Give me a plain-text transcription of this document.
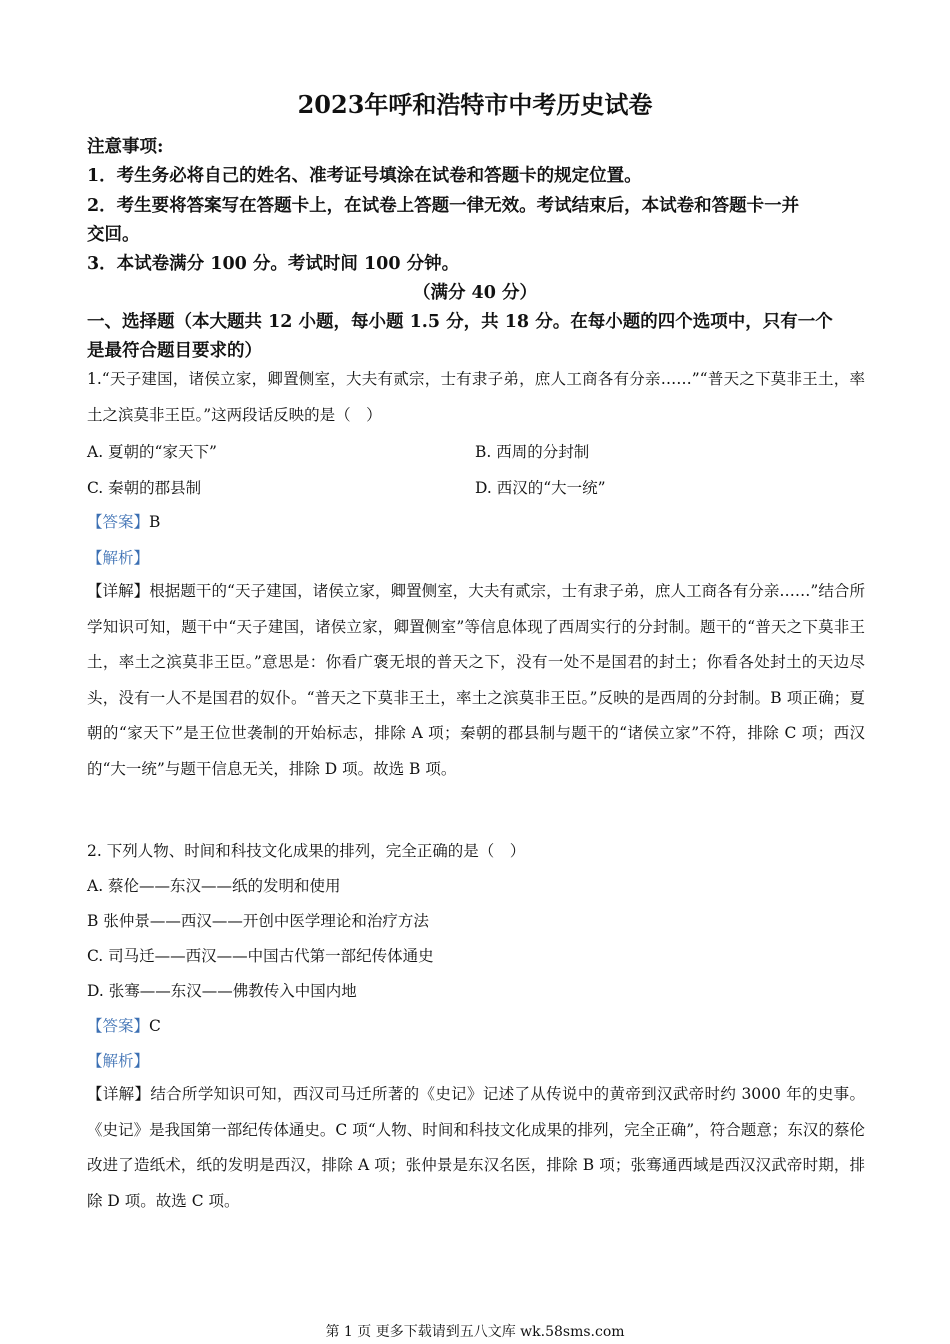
2023年呼和浩特市中考历史试卷
注意事项:
1．考生务必将自己的姓名、准考证号填涂在试卷和答题卡的规定位置。
2．考生要将答案写在答题卡上，在试卷上答题一律无效。考试结束后，本试卷和答题卡一并
交回。
3．本试卷满分 100 分。考试时间 100 分钟。
（满分 40 分）
一、选择题（本大题共 12 小题，每小题 1.5 分，共 18 分。在每小题的四个选项中，只有一个
是最符合题目要求的）
1.“天子建国，诸侯立家，卿置侧室，大夫有贰宗，士有隶子弟，庶人工商各有分亲……”“普天之下莫非王土，率土之滨莫非王臣。”这两段话反映的是（　）
A. 夏朝的“家天下”	B. 西周的分封制
C. 秦朝的郡县制	D. 西汉的“大一统”
【答案】B
【解析】
【详解】根据题干的“天子建国，诸侯立家，卿置侧室，大夫有贰宗，士有隶子弟，庶人工商各有分亲……”结合所学知识可知，题干中“天子建国，诸侯立家，卿置侧室”等信息体现了西周实行的分封制。题干的“普天之下莫非王土，率土之滨莫非王臣。”意思是：你看广褒无垠的普天之下，没有一处不是国君的封土；你看各处封土的天边尽头，没有一人不是国君的奴仆。“普天之下莫非王土，率土之滨莫非王臣。”反映的是西周的分封制。B 项正确；夏朝的“家天下”是王位世袭制的开始标志，排除 A 项；秦朝的郡县制与题干的“诸侯立家”不符，排除 C 项；西汉的“大一统”与题干信息无关，排除 D 项。故选 B 项。
2. 下列人物、时间和科技文化成果的排列，完全正确的是（　）
A. 蔡伦——东汉——纸的发明和使用
B 张仲景——西汉——开创中医学理论和治疗方法
C. 司马迁——西汉——中国古代第一部纪传体通史
D. 张骞——东汉——佛教传入中国内地
【答案】C
【解析】
【详解】结合所学知识可知，西汉司马迁所著的《史记》记述了从传说中的黄帝到汉武帝时约 3000 年的史事。《史记》是我国第一部纪传体通史。C 项“人物、时间和科技文化成果的排列，完全正确”，符合题意；东汉的蔡伦改进了造纸术，纸的发明是西汉，排除 A 项；张仲景是东汉名医，排除 B 项；张骞通西域是西汉汉武帝时期，排除 D 项。故选 C 项。
第 1 页 更多下载请到五八文库 wk.58sms.com
